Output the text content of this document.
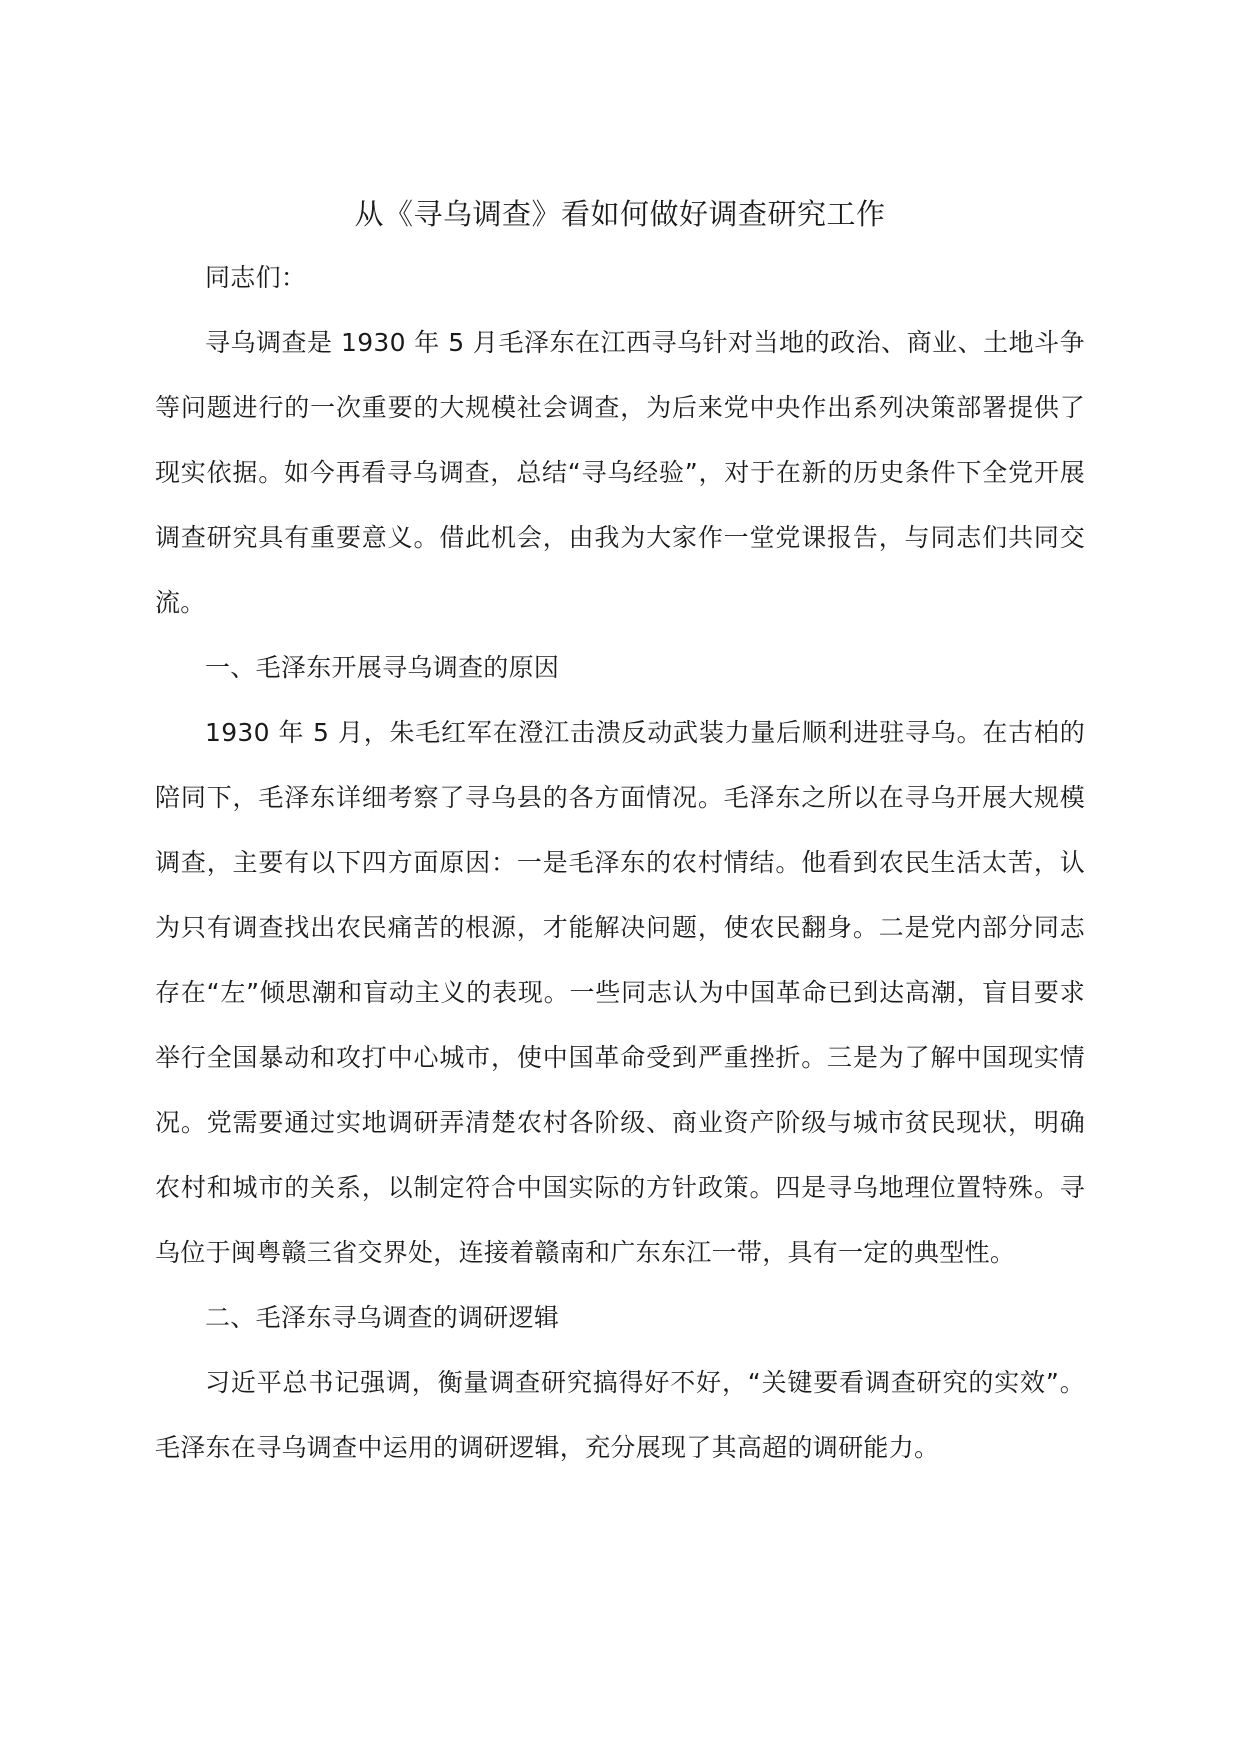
从《寻乌调查》看如何做好调查研究工作

同志们：

寻乌调查是 1930 年 5 月毛泽东在江西寻乌针对当地的政治、商业、土地斗争等问题进行的一次重要的大规模社会调查，为后来党中央作出系列决策部署提供了现实依据。如今再看寻乌调查，总结“寻乌经验”，对于在新的历史条件下全党开展调查研究具有重要意义。借此机会，由我为大家作一堂党课报告，与同志们共同交流。

一、毛泽东开展寻乌调查的原因

1930 年 5 月，朱毛红军在澄江击溃反动武装力量后顺利进驻寻乌。在古柏的陪同下，毛泽东详细考察了寻乌县的各方面情况。毛泽东之所以在寻乌开展大规模调查，主要有以下四方面原因：一是毛泽东的农村情结。他看到农民生活太苦，认为只有调查找出农民痛苦的根源，才能解决问题，使农民翻身。二是党内部分同志存在“左”倾思潮和盲动主义的表现。一些同志认为中国革命已到达高潮，盲目要求举行全国暴动和攻打中心城市，使中国革命受到严重挫折。三是为了解中国现实情况。党需要通过实地调研弄清楚农村各阶级、商业资产阶级与城市贫民现状，明确农村和城市的关系，以制定符合中国实际的方针政策。四是寻乌地理位置特殊。寻乌位于闽粤赣三省交界处，连接着赣南和广东东江一带，具有一定的典型性。

二、毛泽东寻乌调查的调研逻辑

习近平总书记强调，衡量调查研究搞得好不好，“关键要看调查研究的实效”。毛泽东在寻乌调查中运用的调研逻辑，充分展现了其高超的调研能力。
